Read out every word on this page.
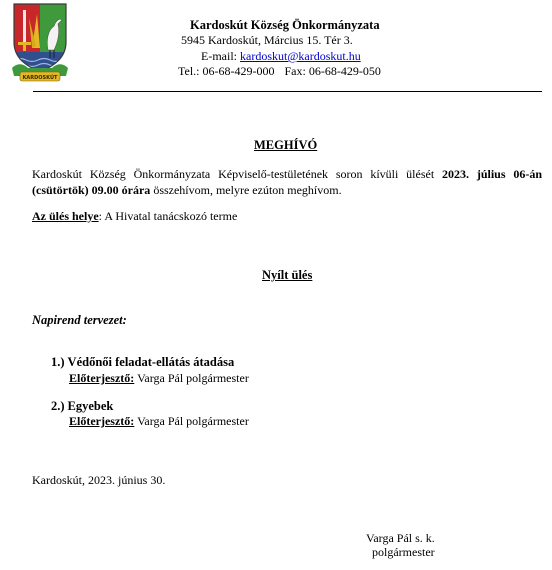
KARDOSKÚT
Kardoskút Község Önkormányzata
5945 Kardoskút, Március 15. Tér 3.
E-mail: kardoskut@kardoskut.hu
Tel.: 06-68-429-000 Fax: 06-68-429-050
MEGHÍVÓ
Kardoskút Község Önkormányzata Képviselő-testületének soron kívüli ülését 2023. július 06-án (csütörtök) 09.00 órára összehívom, melyre ezúton meghívom.
Az ülés helye: A Hivatal tanácskozó terme
Nyílt ülés
Napirend tervezet:
1.) Védőnői feladat-ellátás átadása
Előterjesztő: Varga Pál polgármester
2.) Egyebek
Előterjesztő: Varga Pál polgármester
Kardoskút, 2023. június 30.
Varga Pál s. k.
polgármester
